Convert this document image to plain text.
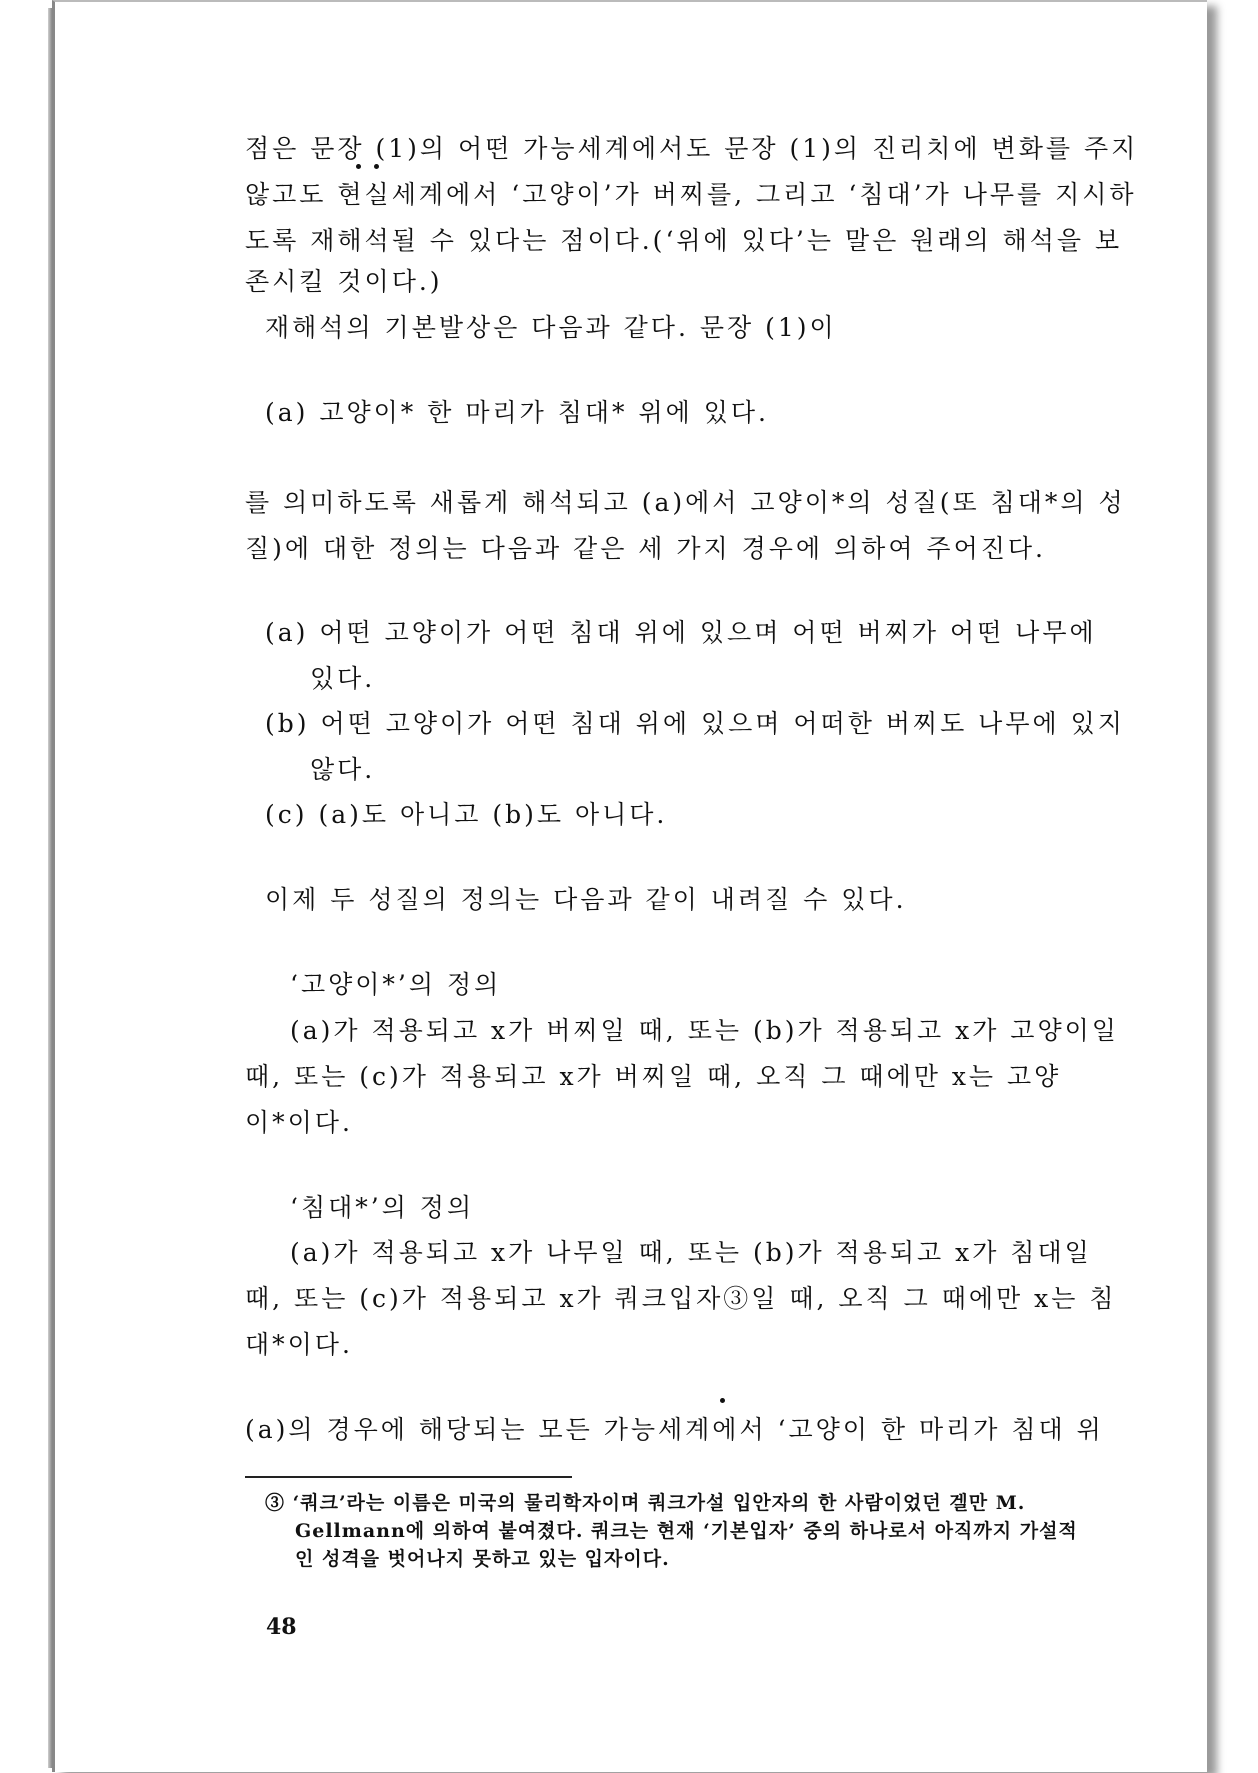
점은 문장 (1)의 어떤 가능세계에서도 문장 (1)의 진리치에 변화를 주지
않고도 현실세계에서 ‘고양이’가 버찌를, 그리고 ‘침대’가 나무를 지시하
도록 재해석될 수 있다는 점이다.(‘위에 있다’는 말은 원래의 해석을 보
존시킬 것이다.)
재해석의 기본발상은 다음과 같다. 문장 (1)이
(a) 고양이* 한 마리가 침대* 위에 있다.
를 의미하도록 새롭게 해석되고 (a)에서 고양이*의 성질(또 침대*의 성
질)에 대한 정의는 다음과 같은 세 가지 경우에 의하여 주어진다.
(a) 어떤 고양이가 어떤 침대 위에 있으며 어떤 버찌가 어떤 나무에
있다.
(b) 어떤 고양이가 어떤 침대 위에 있으며 어떠한 버찌도 나무에 있지
않다.
(c) (a)도 아니고 (b)도 아니다.
이제 두 성질의 정의는 다음과 같이 내려질 수 있다.
‘고양이*’의 정의
(a)가 적용되고 x가 버찌일 때, 또는 (b)가 적용되고 x가 고양이일
때, 또는 (c)가 적용되고 x가 버찌일 때, 오직 그 때에만 x는 고양
이*이다.
‘침대*’의 정의
(a)가 적용되고 x가 나무일 때, 또는 (b)가 적용되고 x가 침대일
때, 또는 (c)가 적용되고 x가 쿼크입자③일 때, 오직 그 때에만 x는 침
대*이다.
(a)의 경우에 해당되는 모든 가능세계에서 ‘고양이 한 마리가 침대 위
③ ‘쿼크’라는 이름은 미국의 물리학자이며 쿼크가설 입안자의 한 사람이었던 겔만 M.
Gellmann에 의하여 붙여졌다. 쿼크는 현재 ‘기본입자’ 중의 하나로서 아직까지 가설적
인 성격을 벗어나지 못하고 있는 입자이다.
48
